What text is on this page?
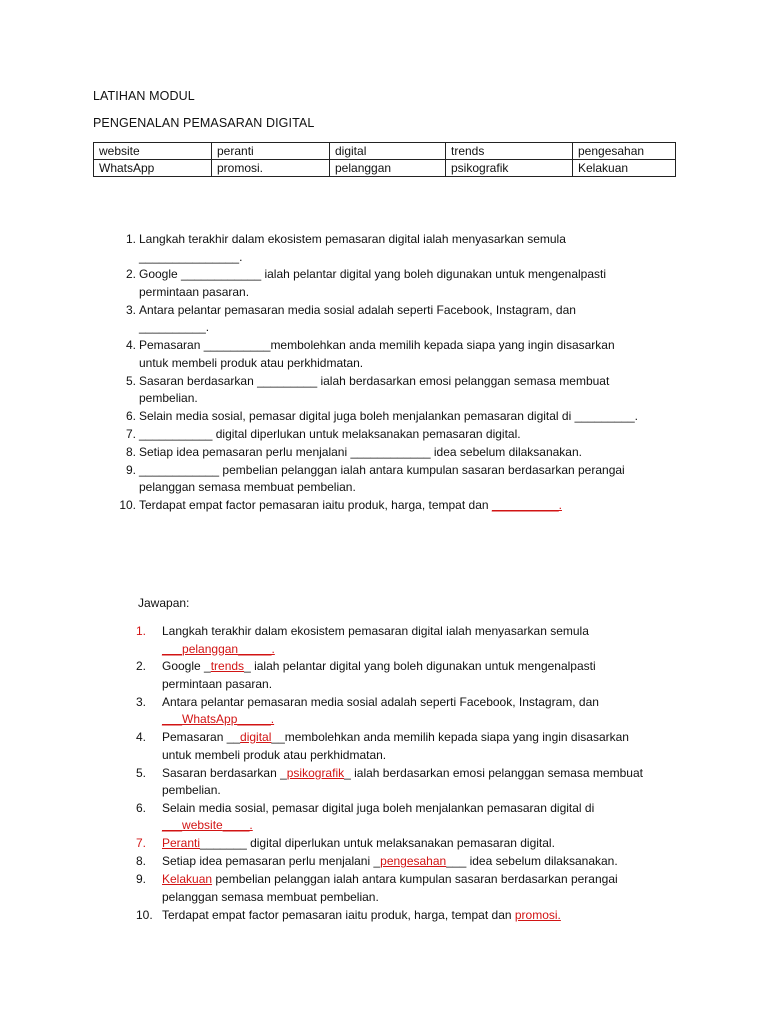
LATIHAN MODUL
PENGENALAN PEMASARAN DIGITAL
website	peranti	digital	trends	pengesahan
WhatsApp	promosi.	pelanggan	psikografik	Kelakuan
1. Langkah terakhir dalam ekosistem pemasaran digital ialah menyasarkan semula
_______________.
2. Google ____________ ialah pelantar digital yang boleh digunakan untuk mengenalpasti
permintaan pasaran.
3. Antara pelantar pemasaran media sosial adalah seperti Facebook, Instagram, dan
__________.
4. Pemasaran __________membolehkan anda memilih kepada siapa yang ingin disasarkan
untuk membeli produk atau perkhidmatan.
5. Sasaran berdasarkan _________ ialah berdasarkan emosi pelanggan semasa membuat
pembelian.
6. Selain media sosial, pemasar digital juga boleh menjalankan pemasaran digital di _________.
7. ___________ digital diperlukan untuk melaksanakan pemasaran digital.
8. Setiap idea pemasaran perlu menjalani ____________ idea sebelum dilaksanakan.
9. ____________ pembelian pelanggan ialah antara kumpulan sasaran berdasarkan perangai
pelanggan semasa membuat pembelian.
10. Terdapat empat factor pemasaran iaitu produk, harga, tempat dan __________.
Jawapan:
1.	Langkah terakhir dalam ekosistem pemasaran digital ialah menyasarkan semula
___pelanggan_____.
2.	Google _trends_ ialah pelantar digital yang boleh digunakan untuk mengenalpasti
permintaan pasaran.
3.	Antara pelantar pemasaran media sosial adalah seperti Facebook, Instagram, dan
___WhatsApp_____.
4.	Pemasaran __digital__membolehkan anda memilih kepada siapa yang ingin disasarkan
untuk membeli produk atau perkhidmatan.
5.	Sasaran berdasarkan _psikografik_ ialah berdasarkan emosi pelanggan semasa membuat
pembelian.
6.	Selain media sosial, pemasar digital juga boleh menjalankan pemasaran digital di
___website____.
7.	Peranti_______ digital diperlukan untuk melaksanakan pemasaran digital.
8.	Setiap idea pemasaran perlu menjalani _pengesahan___ idea sebelum dilaksanakan.
9.	Kelakuan pembelian pelanggan ialah antara kumpulan sasaran berdasarkan perangai
pelanggan semasa membuat pembelian.
10. Terdapat empat factor pemasaran iaitu produk, harga, tempat dan promosi.
